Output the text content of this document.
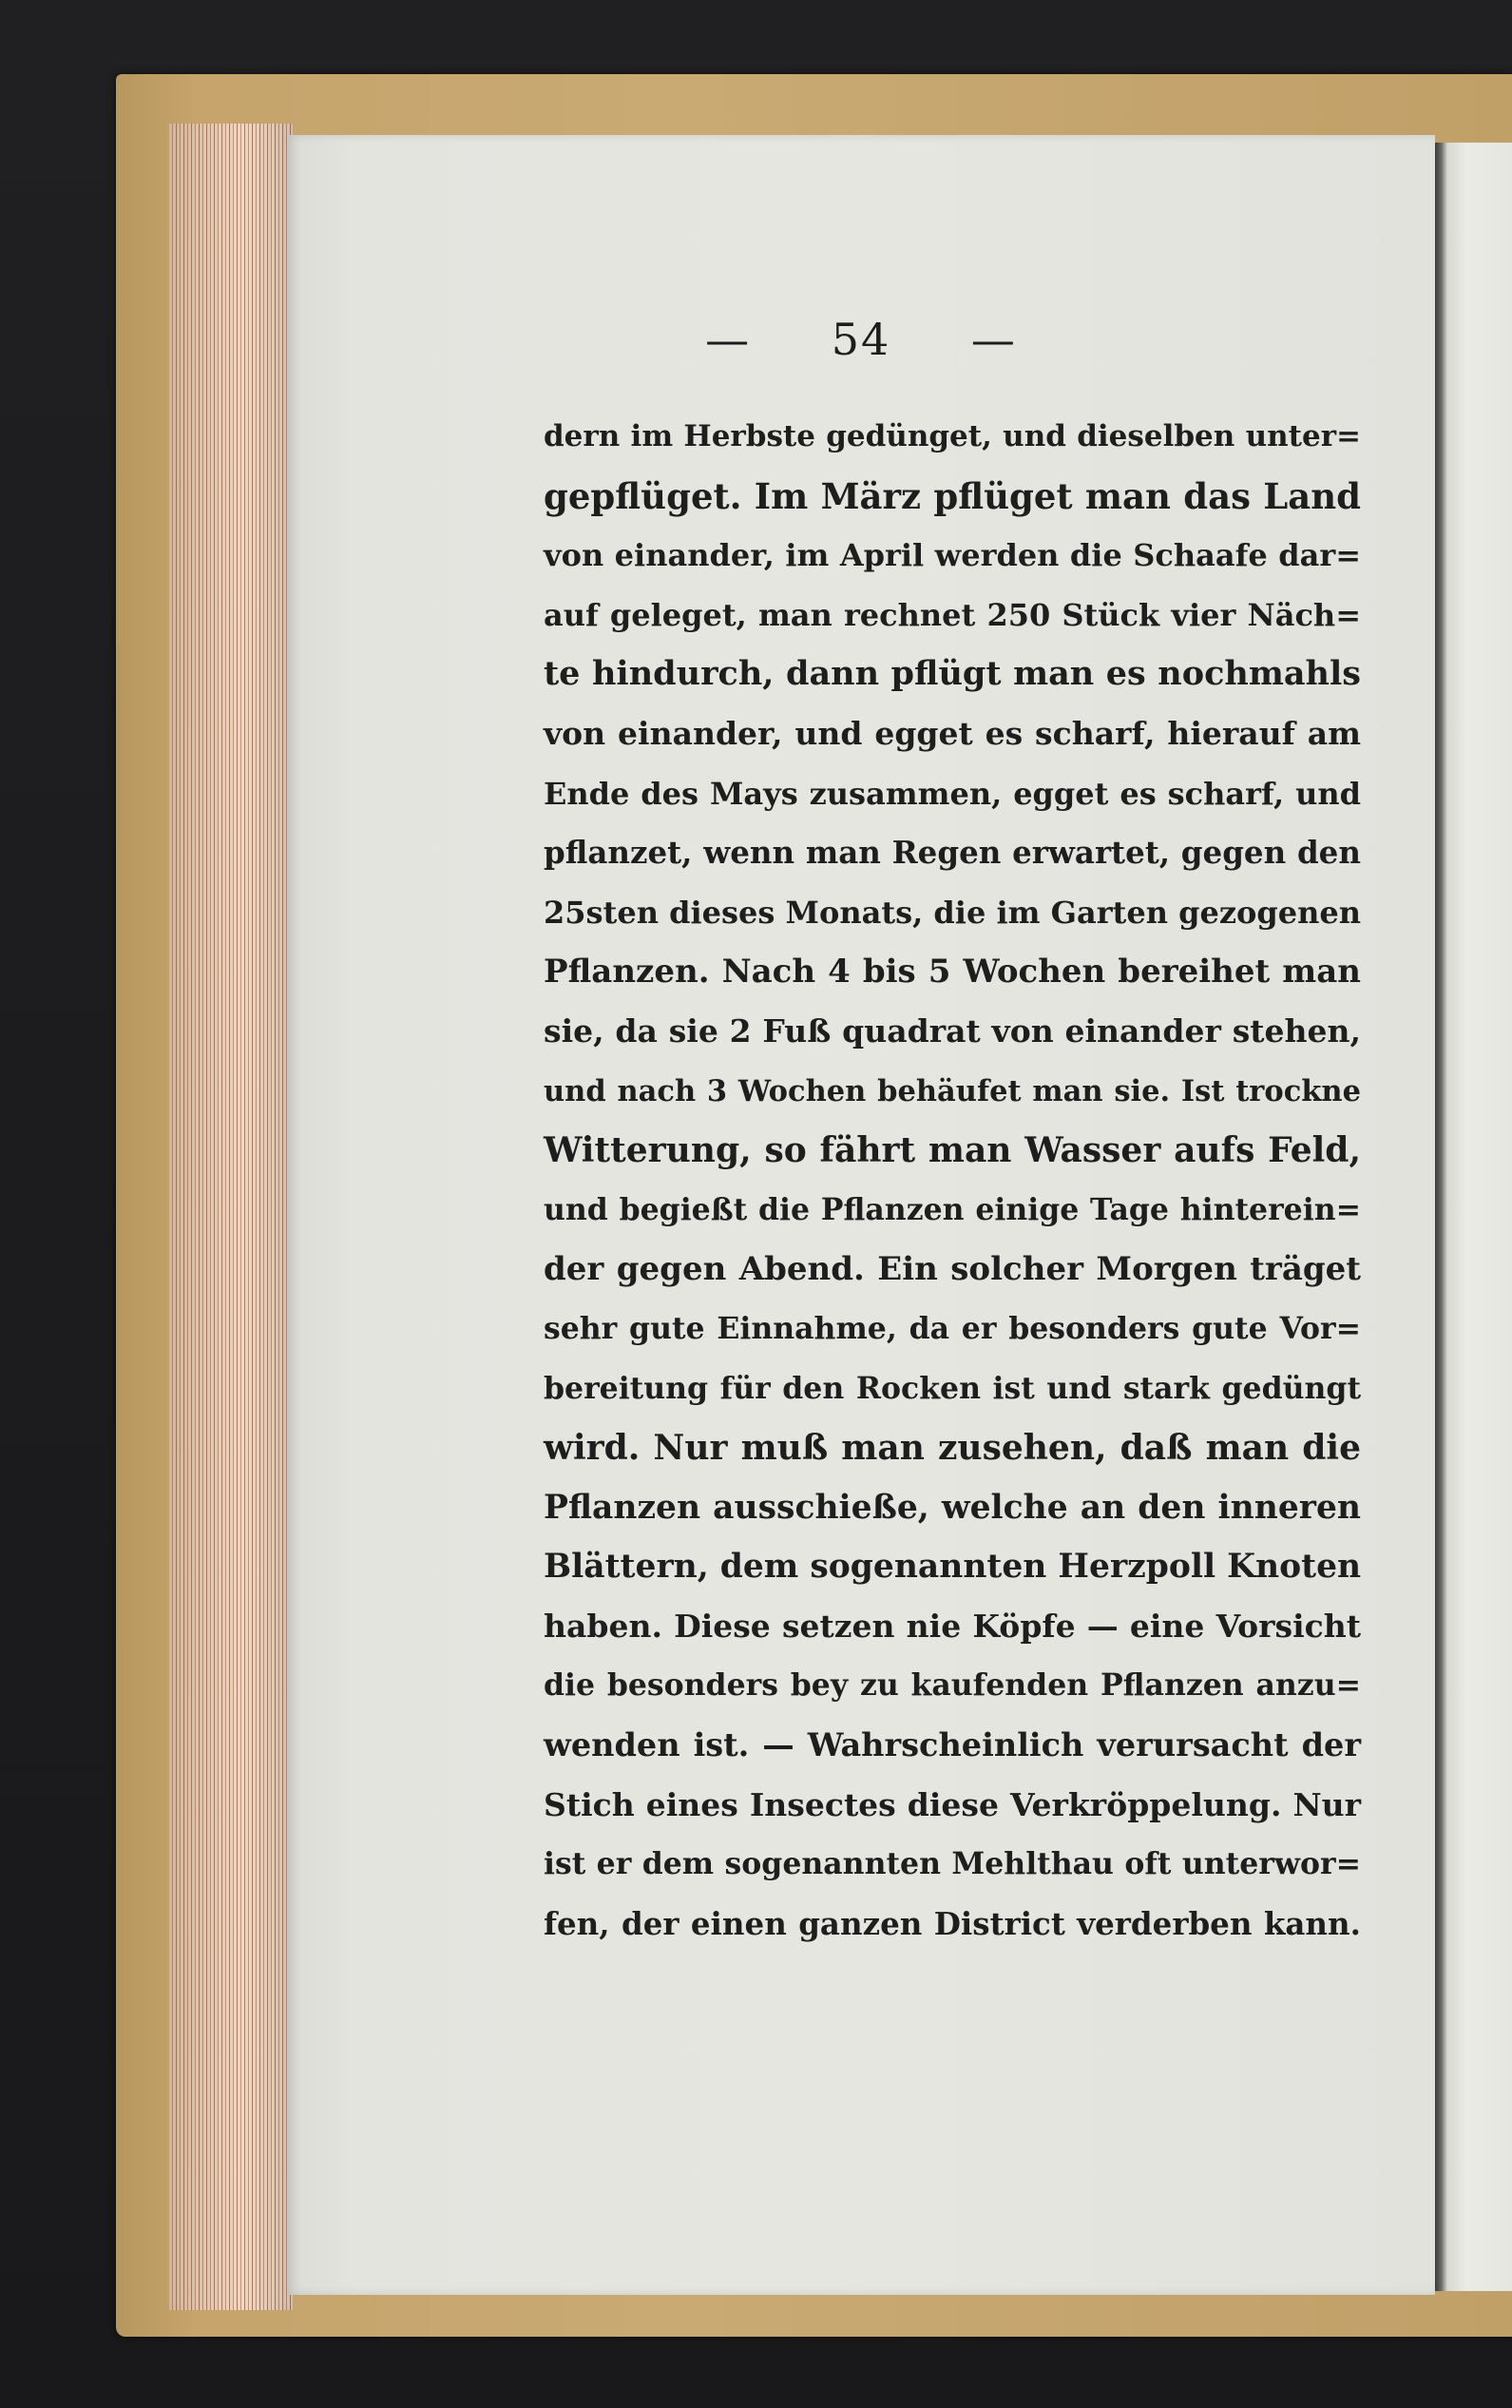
— 54 —
dern im Herbste gedünget, und dieselben unter=
gepflüget. Im März pflüget man das Land
von einander, im April werden die Schaafe dar=
auf geleget, man rechnet 250 Stück vier Näch=
te hindurch, dann pflügt man es nochmahls
von einander, und egget es scharf, hierauf am
Ende des Mays zusammen, egget es scharf, und
pflanzet, wenn man Regen erwartet, gegen den
25sten dieses Monats, die im Garten gezogenen
Pflanzen. Nach 4 bis 5 Wochen bereihet man
sie, da sie 2 Fuß quadrat von einander stehen,
und nach 3 Wochen behäufet man sie. Ist trockne
Witterung, so fährt man Wasser aufs Feld,
und begießt die Pflanzen einige Tage hinterein=
der gegen Abend. Ein solcher Morgen träget
sehr gute Einnahme, da er besonders gute Vor=
bereitung für den Rocken ist und stark gedüngt
wird. Nur muß man zusehen, daß man die
Pflanzen ausschieße, welche an den inneren
Blättern, dem sogenannten Herzpoll Knoten
haben. Diese setzen nie Köpfe — eine Vorsicht
die besonders bey zu kaufenden Pflanzen anzu=
wenden ist. — Wahrscheinlich verursacht der
Stich eines Insectes diese Verkröppelung. Nur
ist er dem sogenannten Mehlthau oft unterwor=
fen, der einen ganzen District verderben kann.
